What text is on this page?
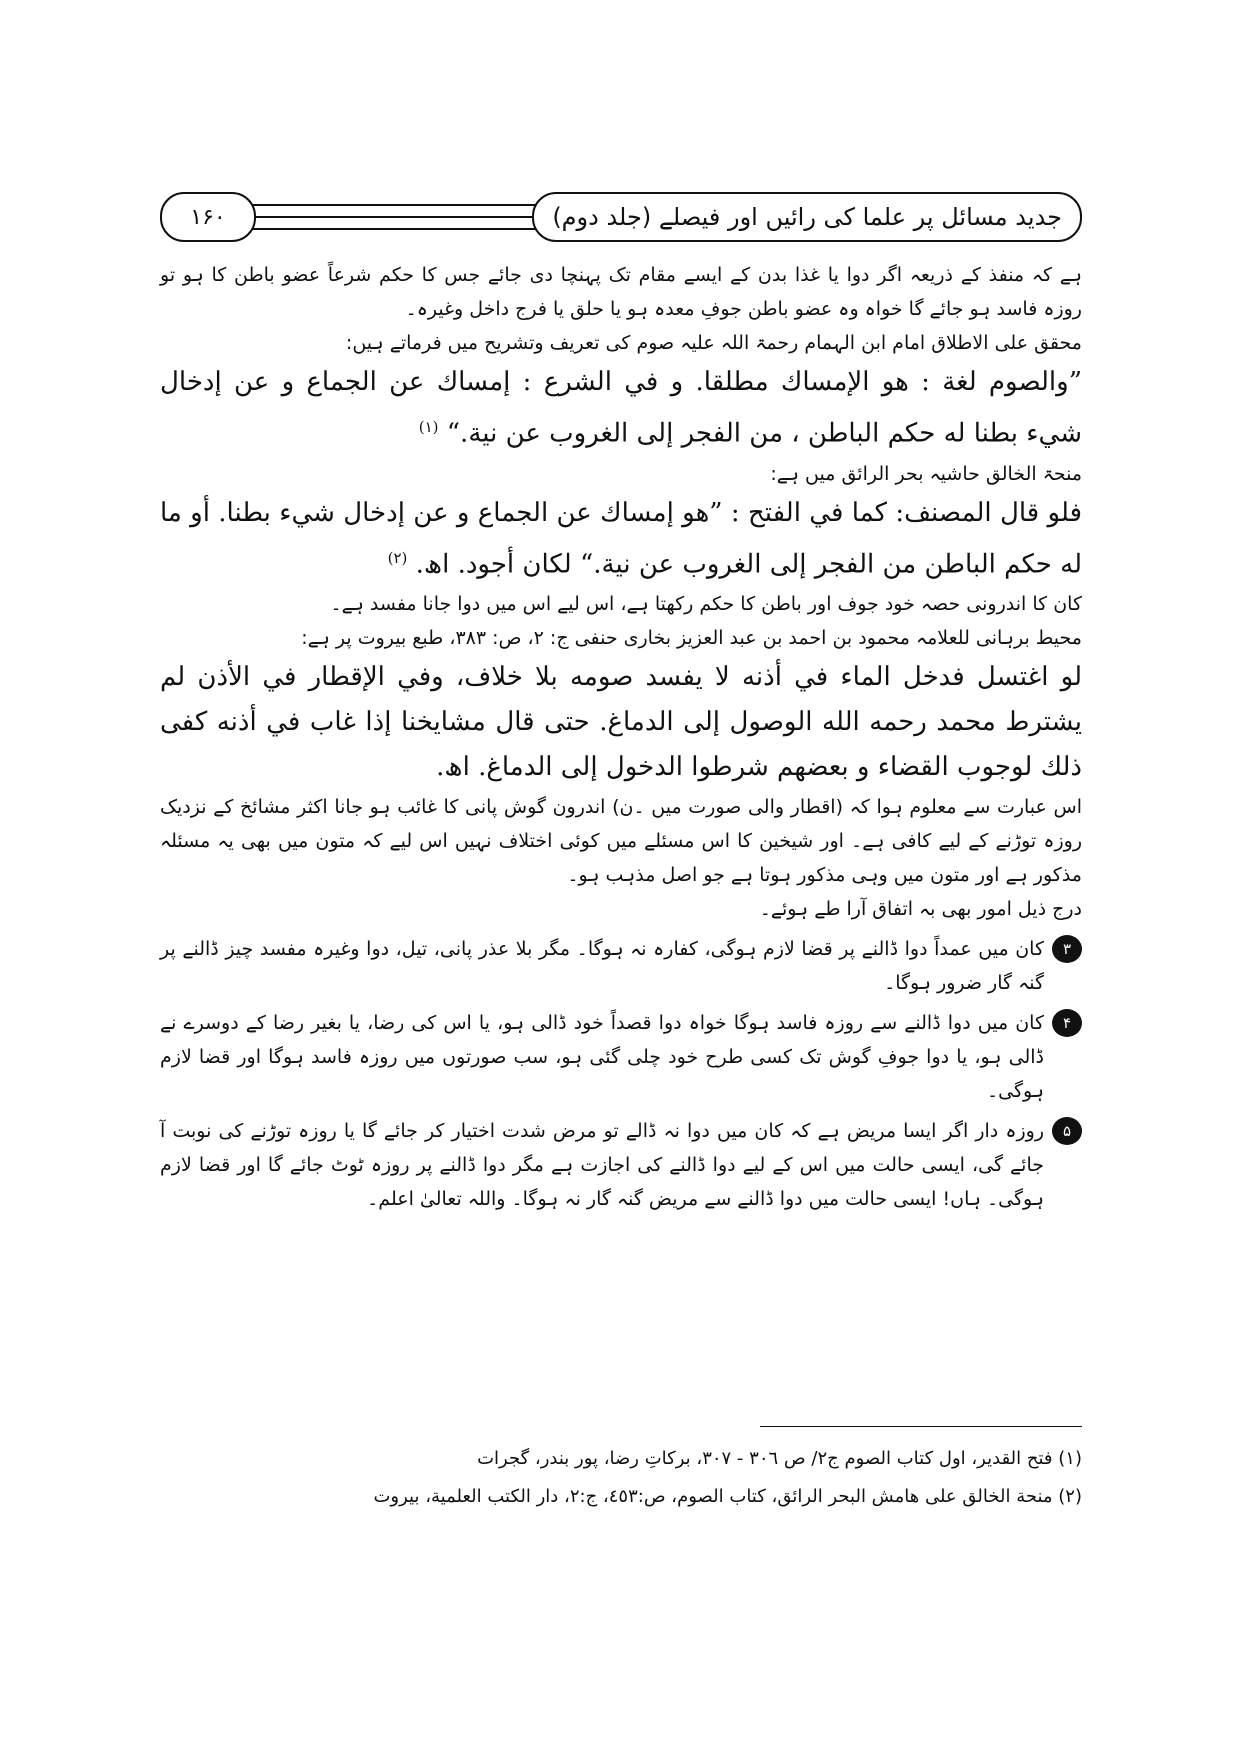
جدید مسائل پر علما کی رائیں اور فیصلے (جلد دوم)
۱۶۰

ہے کہ منفذ کے ذریعہ اگر دوا یا غذا بدن کے ایسے مقام تک پہنچا دی جائے جس کا حکم شرعاً عضو باطن کا ہو تو روزہ فاسد ہو جائے گا خواہ وہ عضو باطن جوفِ معدہ ہو یا حلق یا فرج داخل وغیرہ۔

محقق علی الاطلاق امام ابن الہمام رحمۃ اللہ علیہ صوم کی تعریف وتشریح میں فرماتے ہیں:

”والصوم لغة : هو الإمساك مطلقا. و في الشرع : إمساك عن الجماع و عن إدخال شيء بطنا له حكم الباطن ، من الفجر إلى الغروب عن نية.“ $^{(۱)}$

منحۃ الخالق حاشیہ بحر الرائق میں ہے:

فلو قال المصنف: كما في الفتح : ”هو إمساك عن الجماع و عن إدخال شيء بطنا. أو ما له حكم الباطن من الفجر إلى الغروب عن نية.“ لكان أجود. اھ. $^{(۲)}$

کان کا اندرونی حصہ خود جوف اور باطن کا حکم رکھتا ہے، اس لیے اس میں دوا جانا مفسد ہے۔

محیط برہانی للعلامہ محمود بن احمد بن عبد العزیز بخاری حنفی ج: ۲، ص: ۳۸۳، طبع بیروت پر ہے:

لو اغتسل فدخل الماء في أذنه لا يفسد صومه بلا خلاف، وفي الإقطار في الأذن لم يشترط محمد رحمه الله الوصول إلى الدماغ. حتى قال مشايخنا إذا غاب في أذنه كفى ذلك لوجوب القضاء و بعضهم شرطوا الدخول إلى الدماغ. اھ.

اس عبارت سے معلوم ہوا کہ (اقطار والی صورت میں ۔ن) اندرون گوش پانی کا غائب ہو جانا اکثر مشائخ کے نزدیک روزہ توڑنے کے لیے کافی ہے۔ اور شیخین کا اس مسئلے میں کوئی اختلاف نہیں اس لیے کہ متون میں بھی یہ مسئلہ مذکور ہے اور متون میں وہی مذکور ہوتا ہے جو اصل مذہب ہو۔

درج ذیل امور بھی بہ اتفاق آرا طے ہوئے۔

۳

کان میں عمداً دوا ڈالنے پر قضا لازم ہوگی، کفارہ نہ ہوگا۔ مگر بلا عذر پانی، تیل، دوا وغیرہ مفسد چیز ڈالنے پر گنہ گار ضرور ہوگا۔

۴

کان میں دوا ڈالنے سے روزہ فاسد ہوگا خواہ دوا قصداً خود ڈالی ہو، یا اس کی رضا، یا بغیر رضا کے دوسرے نے ڈالی ہو، یا دوا جوفِ گوش تک کسی طرح خود چلی گئی ہو، سب صورتوں میں روزہ فاسد ہوگا اور قضا لازم ہوگی۔

۵

روزہ دار اگر ایسا مریض ہے کہ کان میں دوا نہ ڈالے تو مرض شدت اختیار کر جائے گا یا روزہ توڑنے کی نوبت آ جائے گی، ایسی حالت میں اس کے لیے دوا ڈالنے کی اجازت ہے مگر دوا ڈالنے پر روزہ ٹوٹ جائے گا اور قضا لازم ہوگی۔ ہاں! ایسی حالت میں دوا ڈالنے سے مریض گنہ گار نہ ہوگا۔ واللہ تعالیٰ اعلم۔

(۱) فتح القدير، اول كتاب الصوم ج۲/ ص ٣٠٦ - ٣٠٧، برکاتِ رضا، پور بندر، گجرات

(۲) منحة الخالق على هامش البحر الرائق، كتاب الصوم، ص:٤٥٣، ج:٢، دار الكتب العلمية، بيروت
